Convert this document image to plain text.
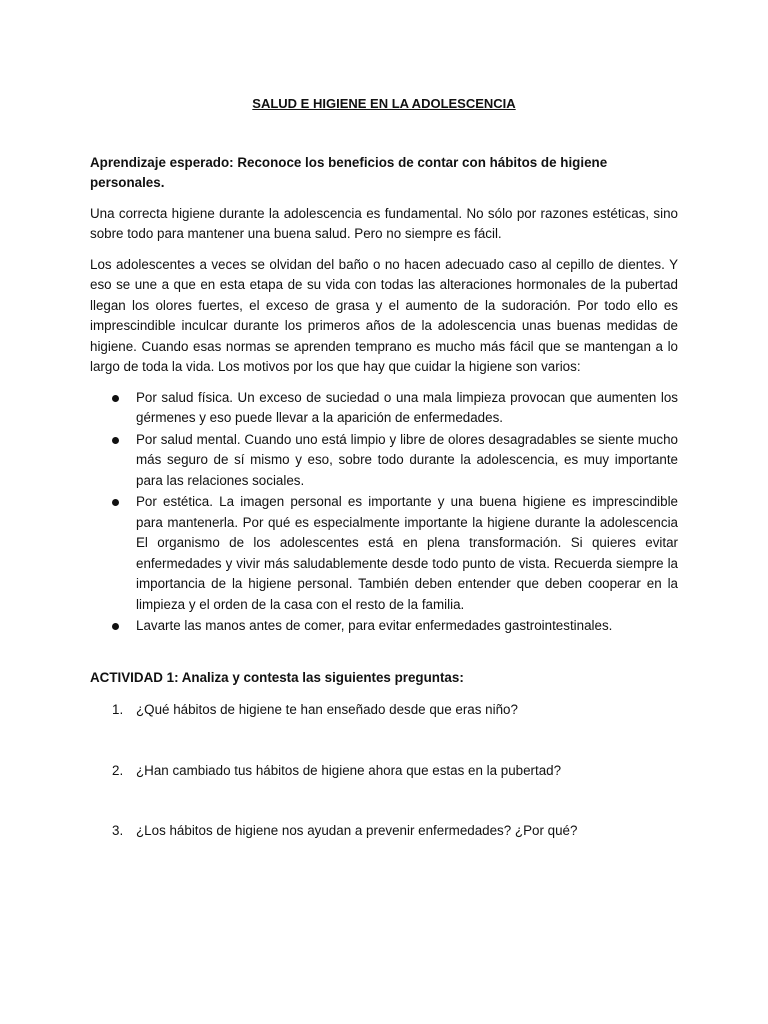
SALUD E HIGIENE EN LA ADOLESCENCIA
Aprendizaje esperado: Reconoce los beneficios de contar con hábitos de higiene personales.

Una correcta higiene durante la adolescencia es fundamental. No sólo por razones estéticas, sino sobre todo para mantener una buena salud. Pero no siempre es fácil.

Los adolescentes a veces se olvidan del baño o no hacen adecuado caso al cepillo de dientes. Y eso se une a que en esta etapa de su vida con todas las alteraciones hormonales de la pubertad llegan los olores fuertes, el exceso de grasa y el aumento de la sudoración. Por todo ello es imprescindible inculcar durante los primeros años de la adolescencia unas buenas medidas de higiene. Cuando esas normas se aprenden temprano es mucho más fácil que se mantengan a lo largo de toda la vida. Los motivos por los que hay que cuidar la higiene son varios:

Por salud física. Un exceso de suciedad o una mala limpieza provocan que aumenten los gérmenes y eso puede llevar a la aparición de enfermedades.
Por salud mental. Cuando uno está limpio y libre de olores desagradables se siente mucho más seguro de sí mismo y eso, sobre todo durante la adolescencia, es muy importante para las relaciones sociales.
Por estética. La imagen personal es importante y una buena higiene es imprescindible para mantenerla. Por qué es especialmente importante la higiene durante la adolescencia El organismo de los adolescentes está en plena transformación. Si quieres evitar enfermedades y vivir más saludablemente desde todo punto de vista. Recuerda siempre la importancia de la higiene personal. También deben entender que deben cooperar en la limpieza y el orden de la casa con el resto de la familia.
Lavarte las manos antes de comer, para evitar enfermedades gastrointestinales.
ACTIVIDAD 1: Analiza y contesta las siguientes preguntas:
1. ¿Qué hábitos de higiene te han enseñado desde que eras niño?
2. ¿Han cambiado tus hábitos de higiene ahora que estas en la pubertad?
3. ¿Los hábitos de higiene nos ayudan a prevenir enfermedades? ¿Por qué?
